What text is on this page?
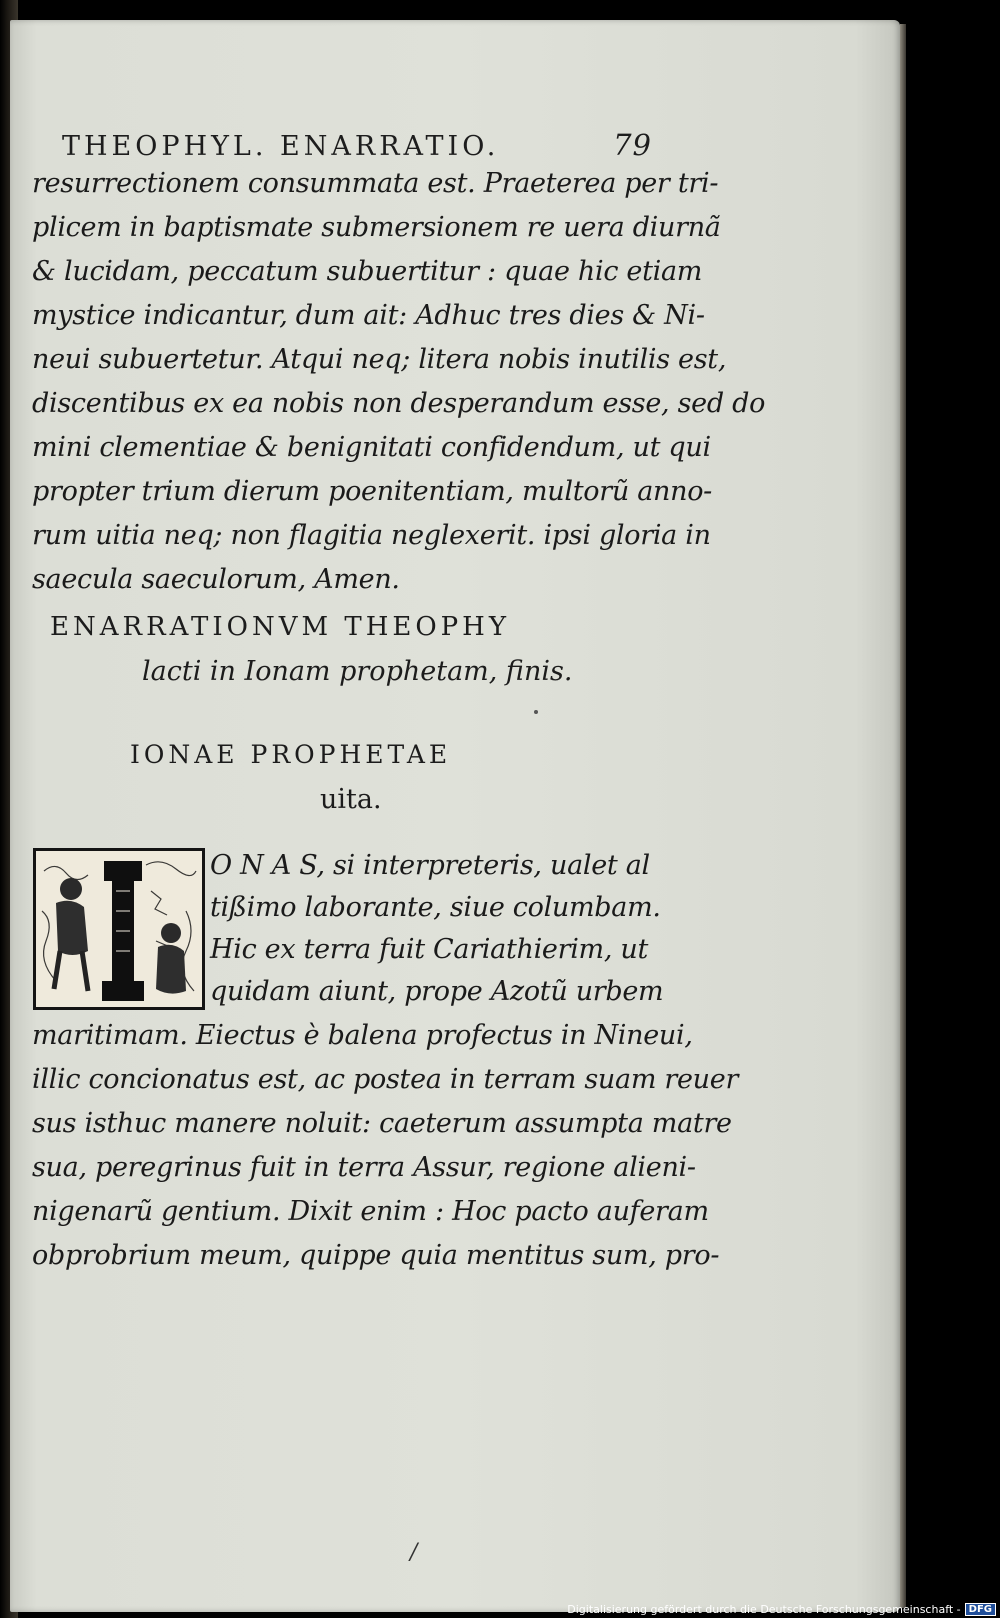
THEOPHYL. ENARRATIO.	79
resurrectionem consummata est. Praeterea per tri-
plicem in baptismate submersionem re uera diurnã
& lucidam, peccatum subuertitur : quae hic etiam
mystice indicantur, dum ait: Adhuc tres dies & Ni-
neui subuertetur. Atqui neq; litera nobis inutilis est,
discentibus ex ea nobis non desperandum esse, sed do
mini clementiae & benignitati confidendum, ut qui
propter trium dierum poenitentiam, multorũ anno-
rum uitia neq; non flagitia neglexerit. ipsi gloria in
saecula saeculorum, Amen.
ENARRATIONVM THEOPHY
lacti in Ionam prophetam, finis.
IONAE PROPHETAE
uita.
O N A S, si interpreteris, ualet al
tißimo laborante, siue columbam.
Hic ex terra fuit Cariathierim, ut
quidam aiunt, prope Azotũ urbem
maritimam. Eiectus è balena profectus in Nineui,
illic concionatus est, ac postea in terram suam reuer
sus isthuc manere noluit: caeterum assumpta matre
sua, peregrinus fuit in terra Assur, regione alieni-
nigenarũ gentium. Dixit enim : Hoc pacto auferam
obprobrium meum, quippe quia mentitus sum, pro-
/
Digitalisierung gefördert durch die Deutsche Forschungsgemeinschaft - DFG
